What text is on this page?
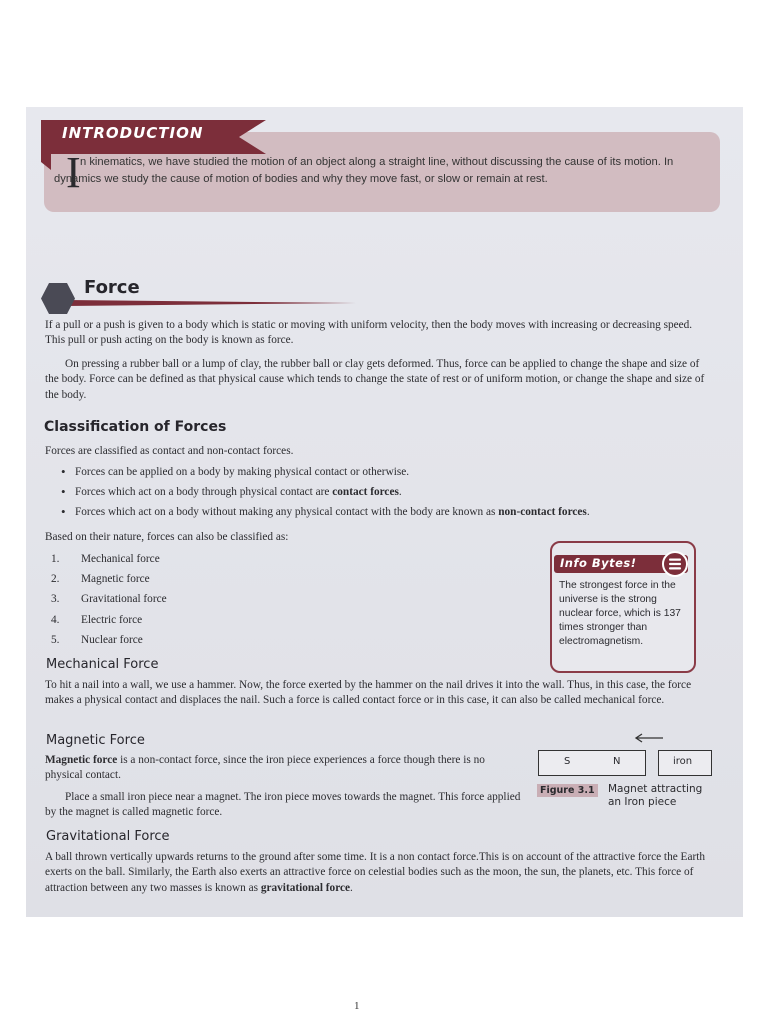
INTRODUCTION
I n kinematics, we have studied the motion of an object along a straight line, without discussing the cause of its motion. In dynamics we study the cause of motion of bodies and why they move fast, or slow or remain at rest.
Force
If a pull or a push is given to a body which is static or moving with uniform velocity, then the body moves with increasing or decreasing speed. This pull or push acting on the body is known as force.
On pressing a rubber ball or a lump of clay, the rubber ball or clay gets deformed. Thus, force can be applied to change the shape and size of the body. Force can be defined as that physical cause which tends to change the state of rest or of uniform motion, or change the shape and size of the body.
Classification of Forces
Forces are classified as contact and non-contact forces.
• Forces can be applied on a body by making physical contact or otherwise.
• Forces which act on a body through physical contact are contact forces.
• Forces which act on a body without making any physical contact with the body are known as non-contact forces.
Based on their nature, forces can also be classified as:
1. Mechanical force
2. Magnetic force
3. Gravitational force
4. Electric force
5. Nuclear force
Info Bytes!
The strongest force in the universe is the strong nuclear force, which is 137 times stronger than electromagnetism.
Mechanical Force
To hit a nail into a wall, we use a hammer. Now, the force exerted by the hammer on the nail drives it into the wall. Thus, in this case, the force makes a physical contact and displaces the nail. Such a force is called contact force or in this case, it can also be called mechanical force.
Magnetic Force
Magnetic force is a non-contact force, since the iron piece experiences a force though there is no physical contact.
Place a small iron piece near a magnet. The iron piece moves towards the magnet. This force applied by the magnet is called magnetic force.
S	N	iron
Figure 3.1 Magnet attracting an Iron piece
Gravitational Force
A ball thrown vertically upwards returns to the ground after some time. It is a non contact force.This is on account of the attractive force the Earth exerts on the ball. Similarly, the Earth also exerts an attractive force on celestial bodies such as the moon, the sun, the planets, etc. This force of attraction between any two masses is known as gravitational force.
1
